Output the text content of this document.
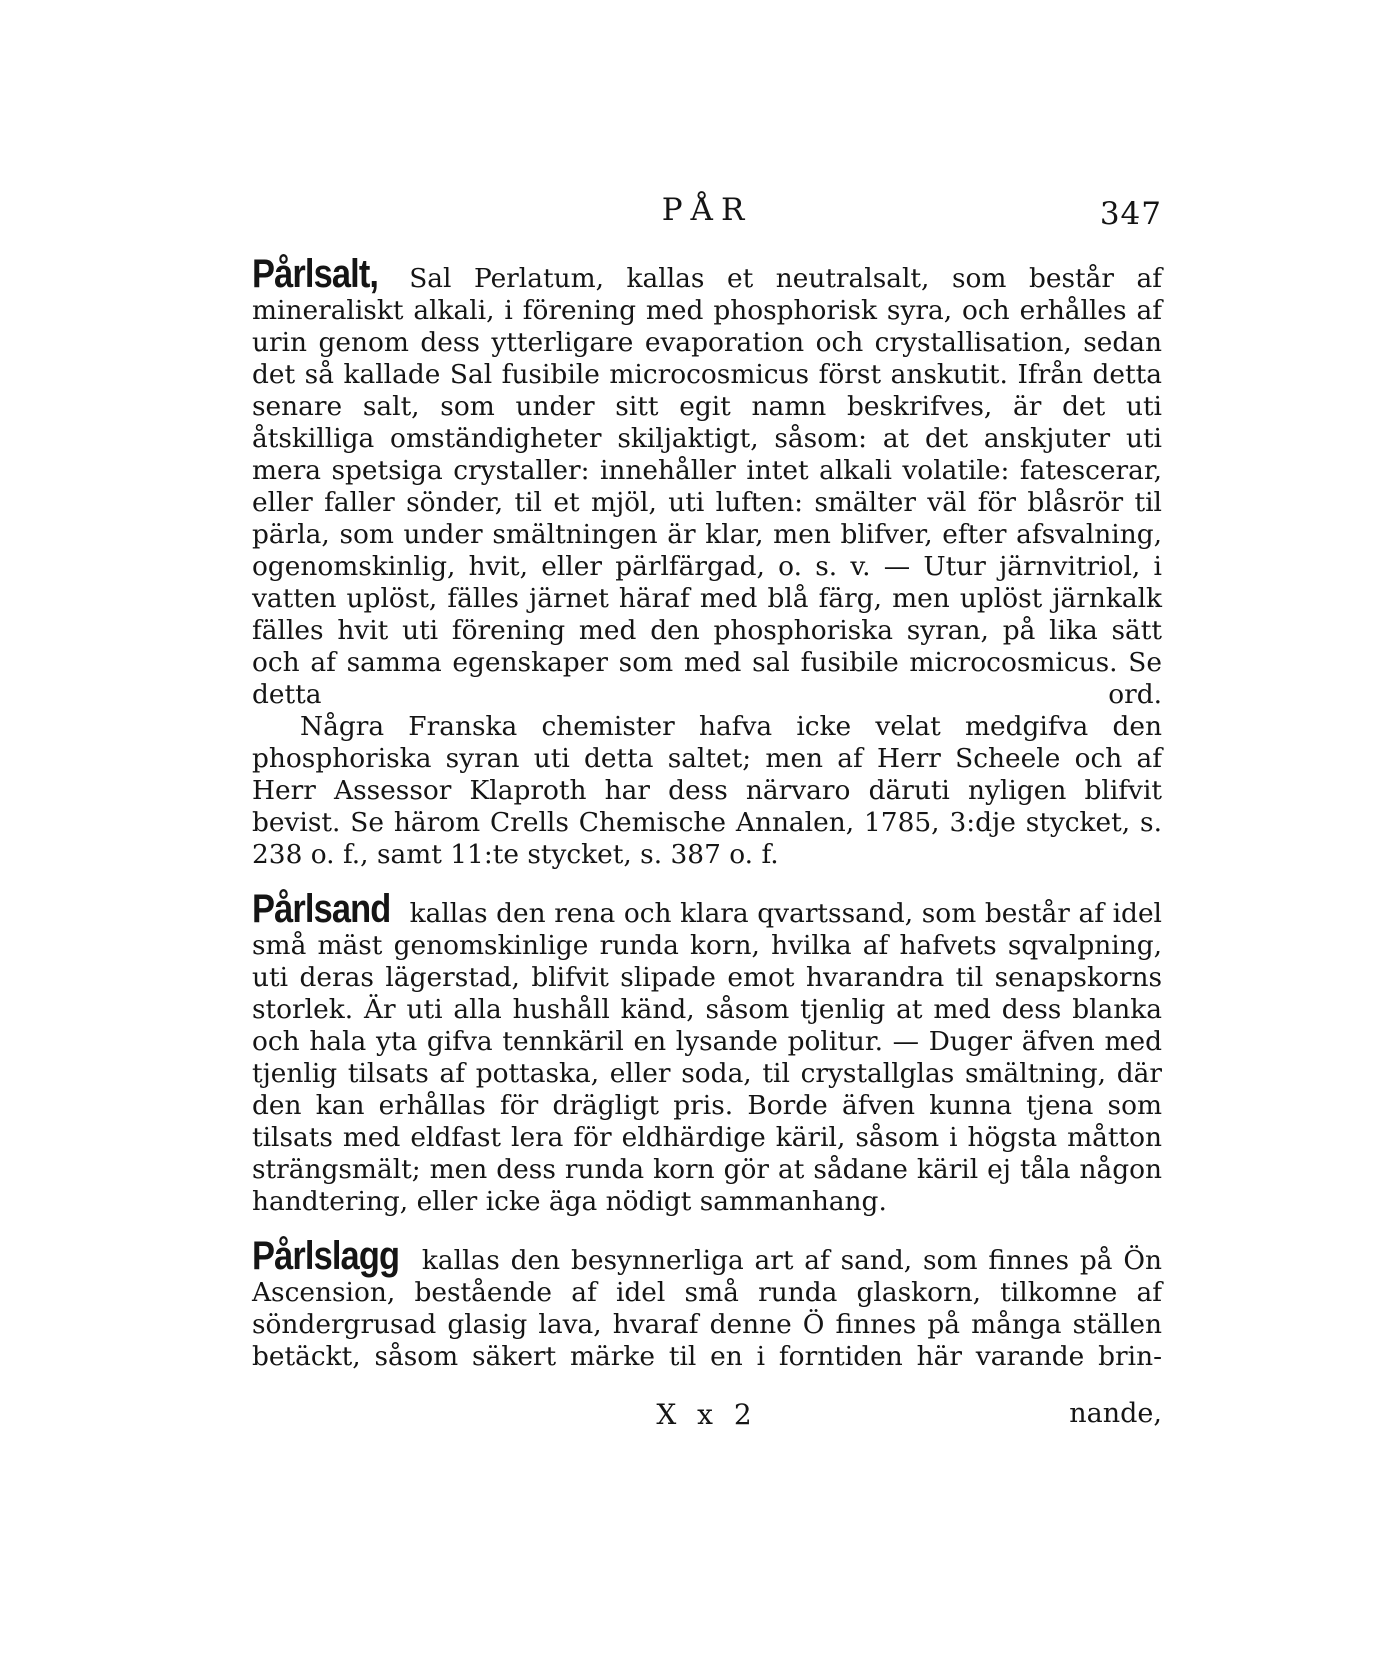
PÅR	347
Pårlsalt, Sal Perlatum, kallas et neutralsalt, som består af mineraliskt alkali, i förening med phosphorisk syra, och erhålles af urin genom dess ytterligare evaporation och crystallisation, sedan det så kallade Sal fusibile microcosmicus först anskutit. Ifrån detta senare salt, som under sitt egit namn beskrifves, är det uti åtskilliga omständigheter skiljaktigt, såsom: at det anskjuter uti mera spetsiga crystaller: innehåller intet alkali volatile: fatescerar, eller faller sönder, til et mjöl, uti luften: smälter väl för blåsrör til pärla, som under smältningen är klar, men blifver, efter afsvalning, ogenomskinlig, hvit, eller pärlfärgad, o. s. v. — Utur järnvitriol, i vatten uplöst, fälles järnet häraf med blå färg, men uplöst järnkalk fälles hvit uti förening med den phosphoriska syran, på lika sätt och af samma egenskaper som med sal fusibile microcosmicus. Se detta ord.
Några Franska chemister hafva icke velat medgifva den phosphoriska syran uti detta saltet; men af Herr Scheele och af Herr Assessor Klaproth har dess närvaro däruti nyligen blifvit bevist. Se härom Crells Chemische Annalen, 1785, 3:dje stycket, s. 238 o. f., samt 11:te stycket, s. 387 o. f.
Pårlsand kallas den rena och klara qvartssand, som består af idel små mäst genomskinlige runda korn, hvilka af hafvets sqvalpning, uti deras lägerstad, blifvit slipade emot hvarandra til senapskorns storlek. Är uti alla hushåll känd, såsom tjenlig at med dess blanka och hala yta gifva tennkäril en lysande politur. — Duger äfven med tjenlig tilsats af pottaska, eller soda, til crystallglas smältning, där den kan erhållas för drägligt pris. Borde äfven kunna tjena som tilsats med eldfast lera för eldhärdige käril, såsom i högsta måtton strängsmält; men dess runda korn gör at sådane käril ej tåla någon handtering, eller icke äga nödigt sammanhang.
Pårlslagg kallas den besynnerliga art af sand, som finnes på Ön Ascension, bestående af idel små runda glaskorn, tilkomne af söndergrusad glasig lava, hvaraf denne Ö finnes på många ställen betäckt, såsom säkert märke til en i forntiden här varande brin-
X x 2	nande,
